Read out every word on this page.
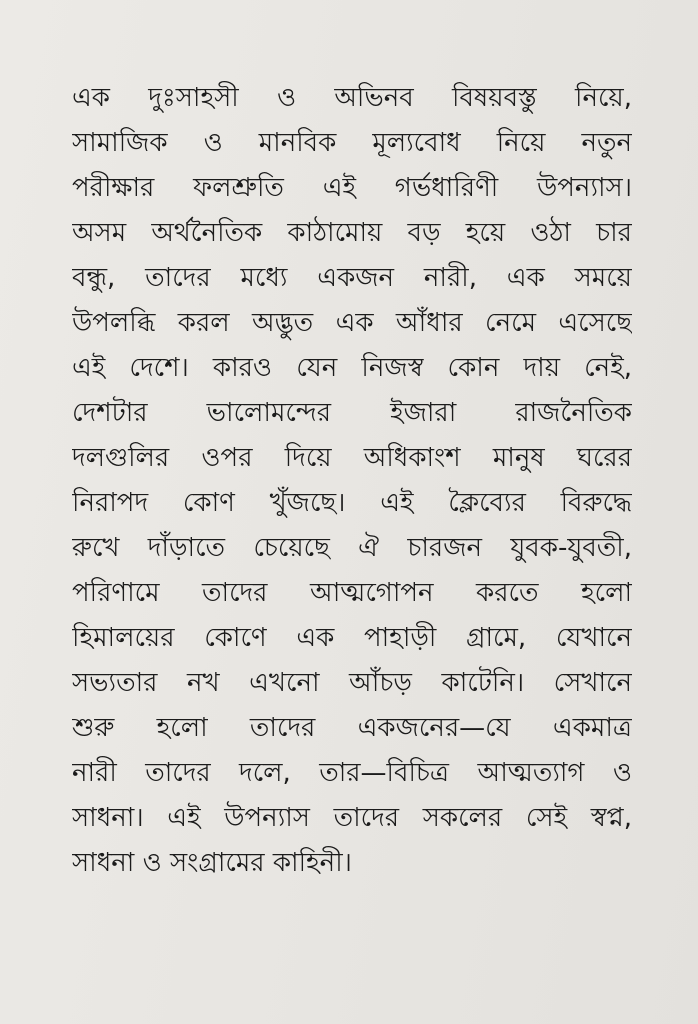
এক দুঃসাহসী ও অভিনব বিষয়বস্তু নিয়ে,
সামাজিক ও মানবিক মূল্যবোধ নিয়ে নতুন
পরীক্ষার ফলশ্রুতি এই গর্ভধারিণী উপন্যাস।
অসম অর্থনৈতিক কাঠামোয় বড় হয়ে ওঠা চার
বন্ধু, তাদের মধ্যে একজন নারী, এক সময়ে
উপলব্ধি করল অদ্ভুত এক আঁধার নেমে এসেছে
এই দেশে। কারও যেন নিজস্ব কোন দায় নেই,
দেশটার ভালোমন্দের ইজারা রাজনৈতিক
দলগুলির ওপর দিয়ে অধিকাংশ মানুষ ঘরের
নিরাপদ কোণ খুঁজছে। এই ক্লৈব্যের বিরুদ্ধে
রুখে দাঁড়াতে চেয়েছে ঐ চারজন যুবক-যুবতী,
পরিণামে তাদের আত্মগোপন করতে হলো
হিমালয়ের কোণে এক পাহাড়ী গ্রামে, যেখানে
সভ্যতার নখ এখনো আঁচড় কাটেনি। সেখানে
শুরু হলো তাদের একজনের—যে একমাত্র
নারী তাদের দলে, তার—বিচিত্র আত্মত্যাগ ও
সাধনা। এই উপন্যাস তাদের সকলের সেই স্বপ্ন,
সাধনা ও সংগ্রামের কাহিনী।
